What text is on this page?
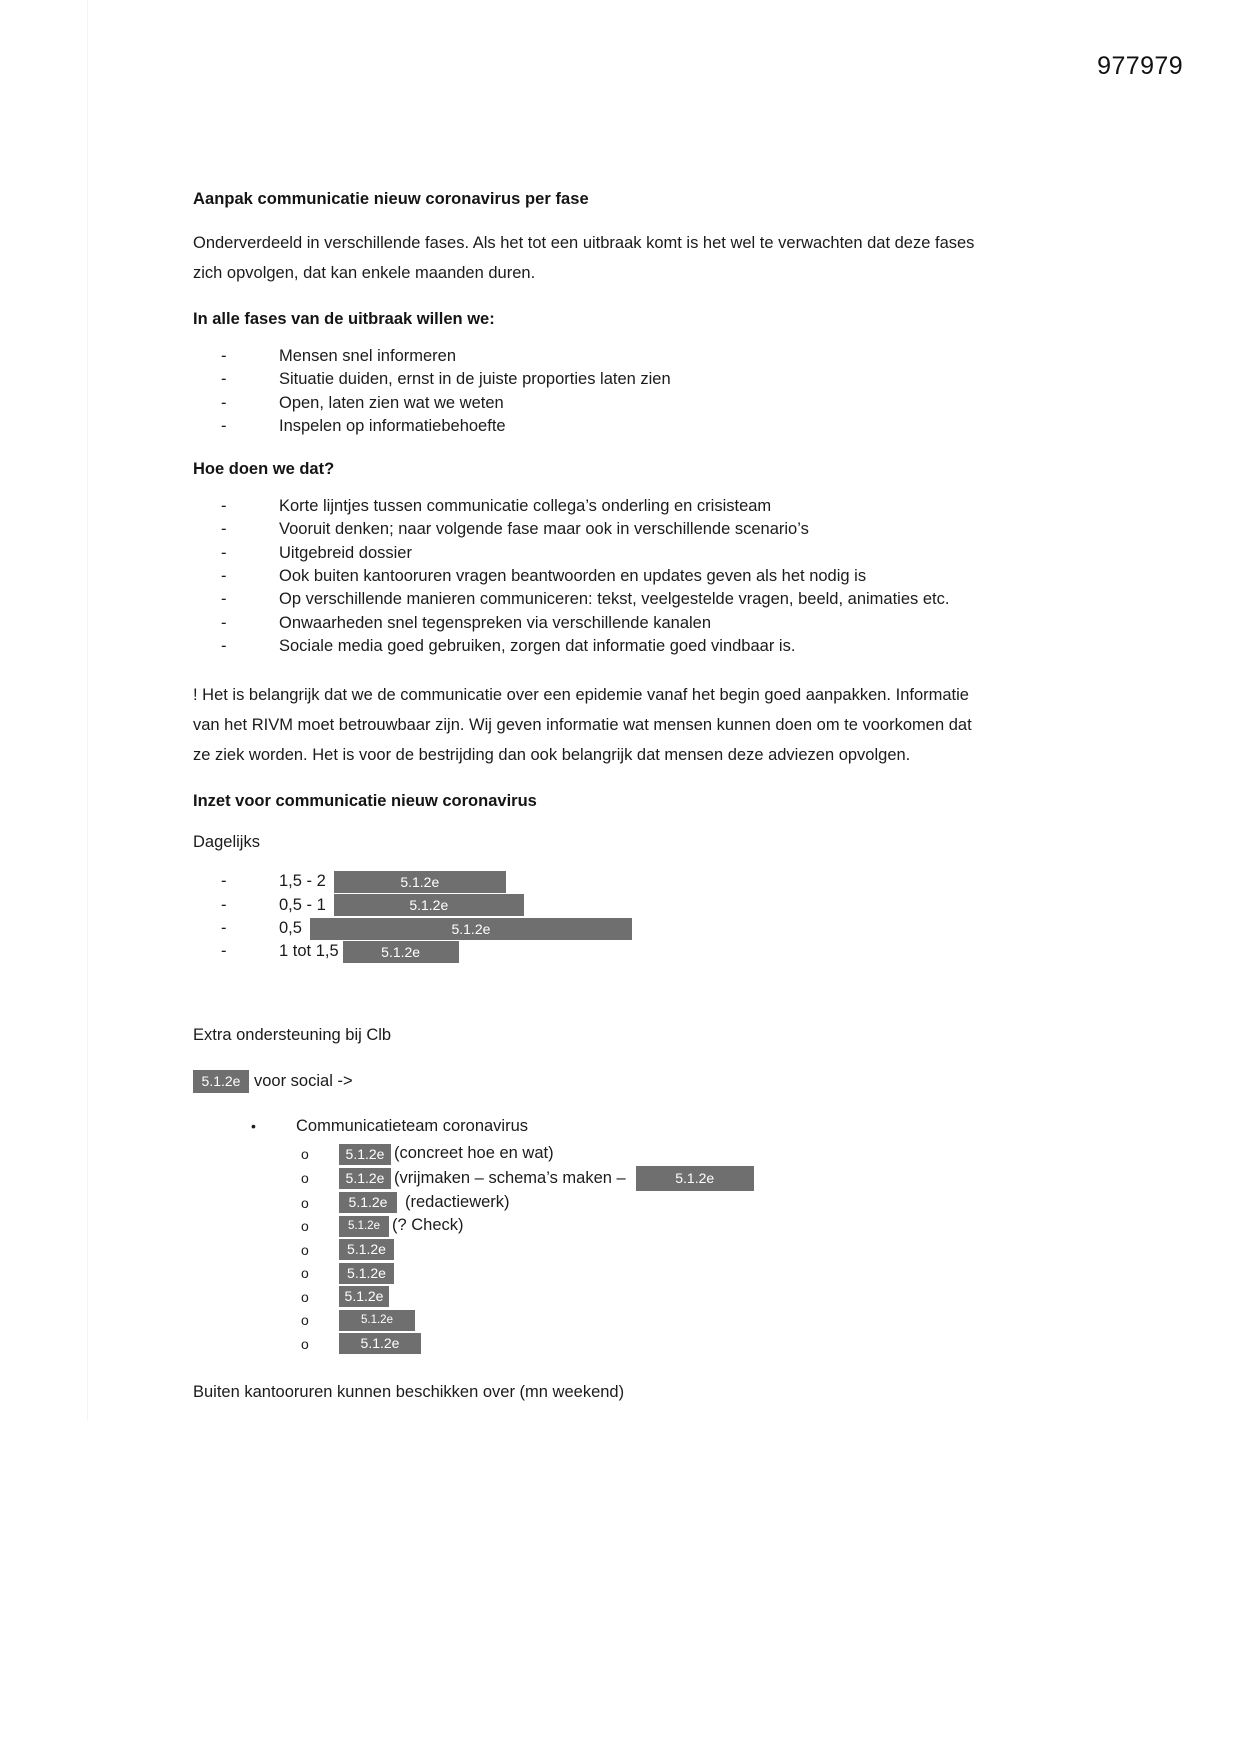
977979
Aanpak communicatie nieuw coronavirus per fase

Onderverdeeld in verschillende fases. Als het tot een uitbraak komt is het wel te verwachten dat deze fases zich opvolgen, dat kan enkele maanden duren.

In alle fases van de uitbraak willen we:
-	Mensen snel informeren
-	Situatie duiden, ernst in de juiste proporties laten zien
-	Open, laten zien wat we weten
-	Inspelen op informatiebehoefte
Hoe doen we dat?
-	Korte lijntjes tussen communicatie collega’s onderling en crisisteam
-	Vooruit denken; naar volgende fase maar ook in verschillende scenario’s
-	Uitgebreid dossier
-	Ook buiten kantooruren vragen beantwoorden en updates geven als het nodig is
-	Op verschillende manieren communiceren: tekst, veelgestelde vragen, beeld, animaties etc.
-	Onwaarheden snel tegenspreken via verschillende kanalen
-	Sociale media goed gebruiken, zorgen dat informatie goed vindbaar is.

! Het is belangrijk dat we de communicatie over een epidemie vanaf het begin goed aanpakken. Informatie van het RIVM moet betrouwbaar zijn. Wij geven informatie wat mensen kunnen doen om te voorkomen dat ze ziek worden. Het is voor de bestrijding dan ook belangrijk dat mensen deze adviezen opvolgen.

Inzet voor communicatie nieuw coronavirus

Dagelijks

-	1,5 - 2	5.1.2e
-	0,5 - 1	5.1.2e
-	0,5	5.1.2e
-	1 tot 1,5	5.1.2e

Extra ondersteuning bij Clb

5.1.2e voor social ->
• Communicatieteam coronavirus
o	5.1.2e (concreet hoe en wat)
o	5.1.2e (vrijmaken – schema’s maken –	5.1.2e
o	5.1.2e	(redactiewerk)
o	5.1.2e (? Check)
o	5.1.2e
o	5.1.2e
o	5.1.2e
o	5.1.2e
o	5.1.2e

Buiten kantooruren kunnen beschikken over (mn weekend)
